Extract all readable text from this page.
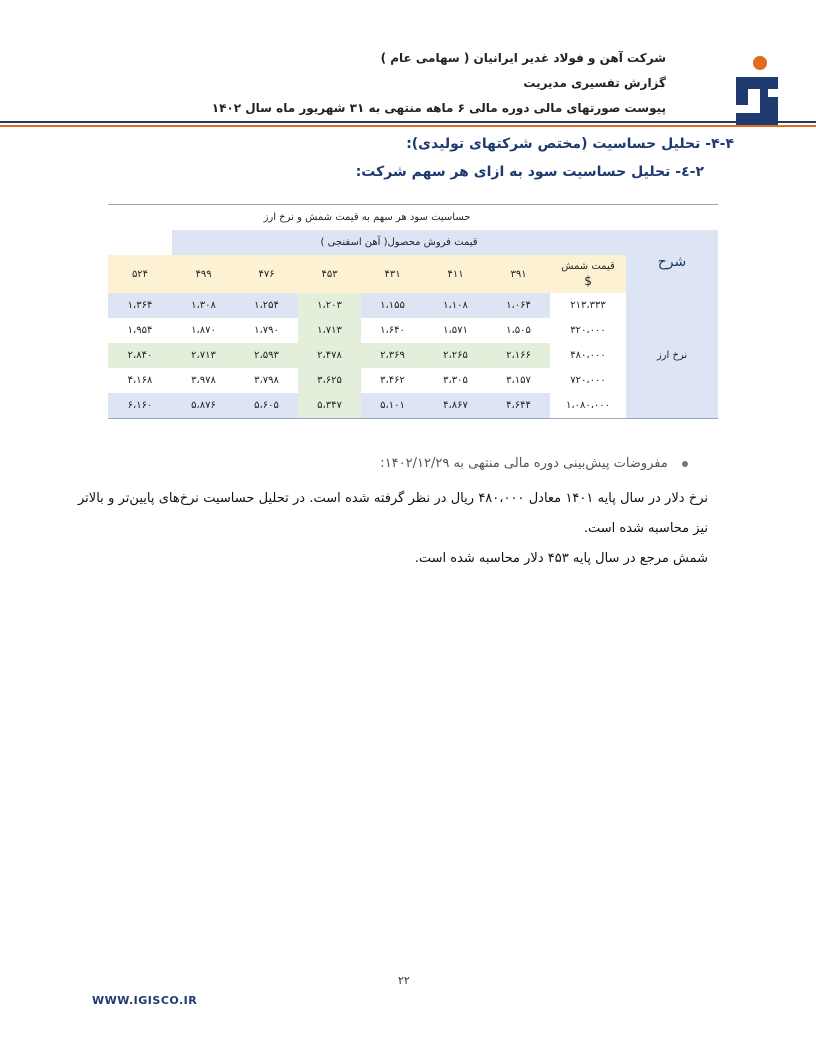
شرکت آهن و فولاد غدیر ایرانیان ( سهامی عام )
گزارش تفسیری مدیریت
پیوست صورتهای مالی دوره مالی ۶ ماهه منتهی به ۳۱ شهریور ماه سال ۱۴۰۲
۴-۴- تحلیل حساسیت (مختص شرکتهای تولیدی):
۲-٤- تحلیل حساسیت سود به ازای هر سهم شرکت:
	حساسیت سود هر سهم به قیمت شمش و نرخ ارز							
شرح	قیمت فروش محصول( آهن اسفنجی )							

	قیمت شمش
$	۳۹۱	۴۱۱	۴۳۱	۴۵۳	۴۷۶	۴۹۹	۵۲۴
نرخ ارز	۲۱۳،۳۳۳	۱،۰۶۴	۱،۱۰۸	۱،۱۵۵	۱،۲۰۳	۱،۲۵۴	۱،۳۰۸	۱،۳۶۴
	۳۲۰،۰۰۰	۱،۵۰۵	۱،۵۷۱	۱،۶۴۰	۱،۷۱۳	۱،۷۹۰	۱،۸۷۰	۱،۹۵۴
	۴۸۰،۰۰۰	۲،۱۶۶	۲،۲۶۵	۲،۳۶۹	۲،۴۷۸	۲،۵۹۳	۲،۷۱۳	۲،۸۴۰
	۷۲۰،۰۰۰	۳،۱۵۷	۳،۳۰۵	۳،۴۶۲	۳،۶۲۵	۳،۷۹۸	۳،۹۷۸	۴،۱۶۸
	۱،۰۸۰،۰۰۰	۴،۶۴۴	۴،۸۶۷	۵،۱۰۱	۵،۳۴۷	۵،۶۰۵	۵،۸۷۶	۶،۱۶۰
مفروضات پیش‌بینی دوره مالی منتهی به ۱۴۰۲/۱۲/۲۹:
نرخ دلار در سال پایه ۱۴۰۱ معادل ۴۸۰،۰۰۰ ریال در نظر گرفته شده است. در تحلیل حساسیت نرخ‌های پایین‌تر و بالاتر نیز محاسبه شده است.
شمش مرجع در سال پایه ۴۵۳ دلار محاسبه شده است.
۲۲
WWW.IGISCO.IR
